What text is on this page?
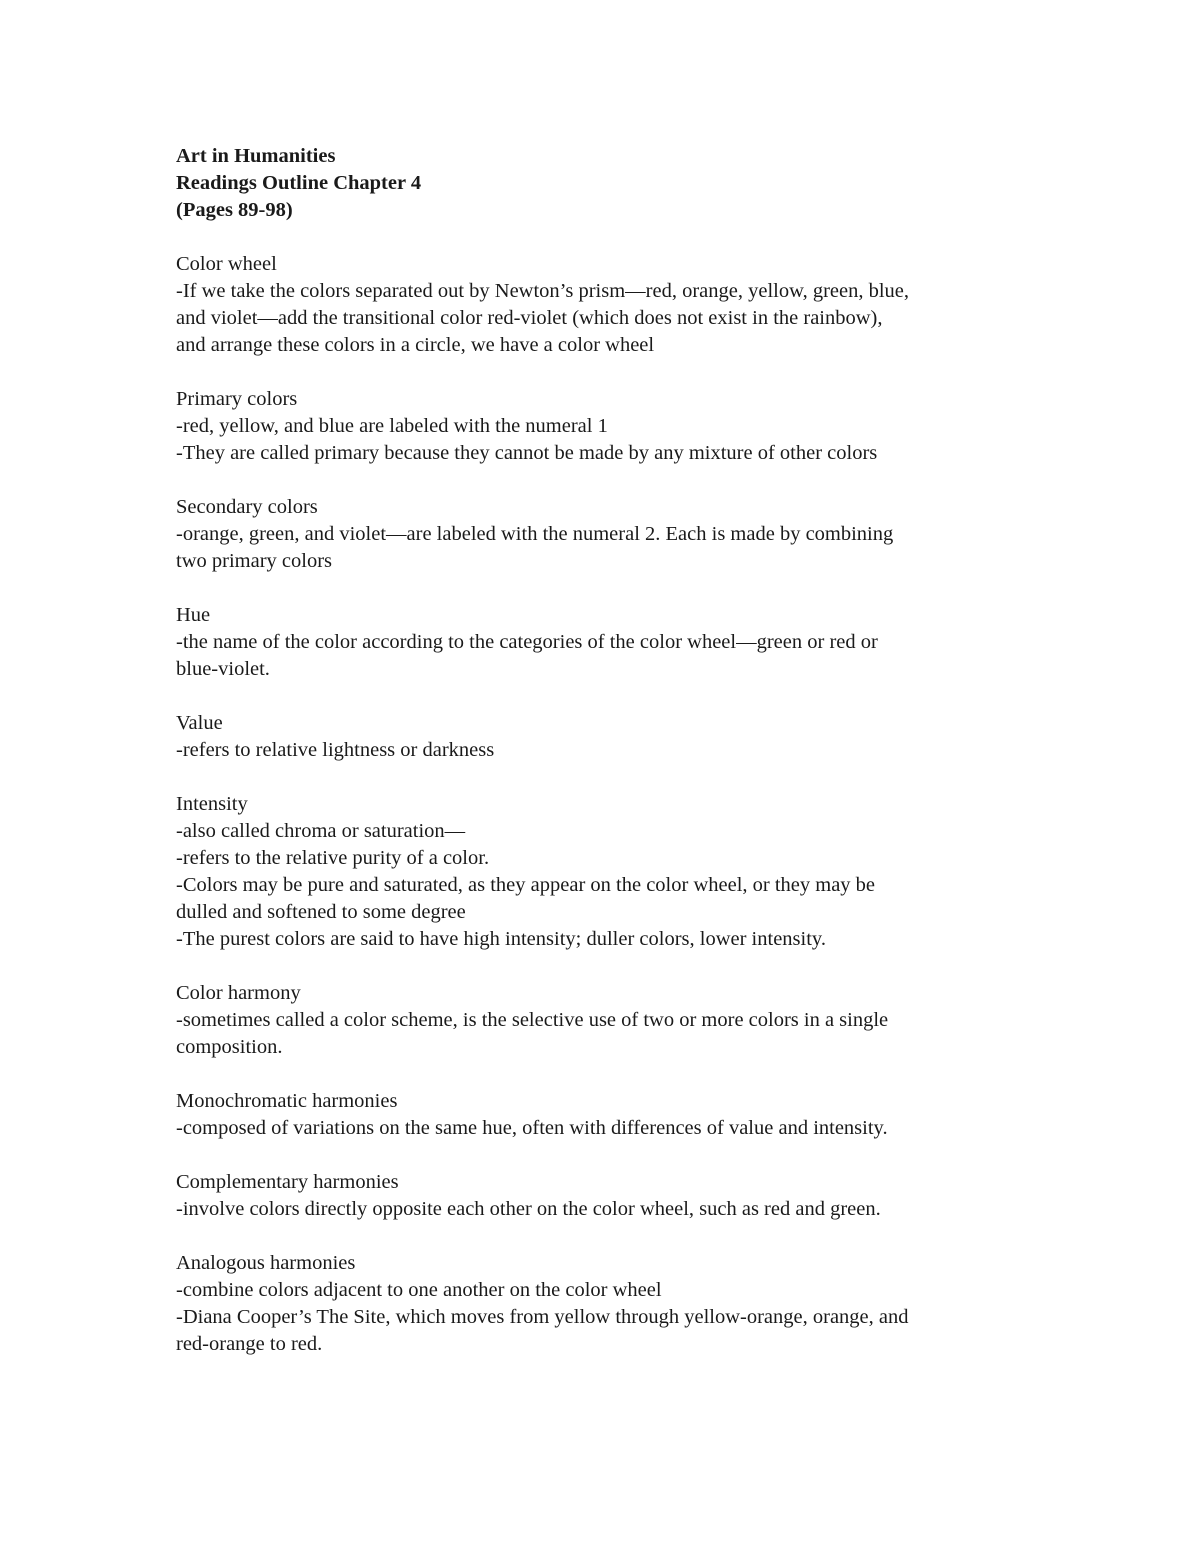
Art in Humanities
Readings Outline Chapter 4
(Pages 89-98)
Color wheel
-If we take the colors separated out by Newton’s prism—red, orange, yellow, green, blue,
and violet—add the transitional color red-violet (which does not exist in the rainbow),
and arrange these colors in a circle, we have a color wheel
Primary colors
-red, yellow, and blue are labeled with the numeral 1
-They are called primary because they cannot be made by any mixture of other colors
Secondary colors
-orange, green, and violet—are labeled with the numeral 2. Each is made by combining
two primary colors
Hue
-the name of the color according to the categories of the color wheel—green or red or
blue-violet.
Value
-refers to relative lightness or darkness
Intensity
-also called chroma or saturation—
-refers to the relative purity of a color.
-Colors may be pure and saturated, as they appear on the color wheel, or they may be
dulled and softened to some degree
-The purest colors are said to have high intensity; duller colors, lower intensity.
Color harmony
-sometimes called a color scheme, is the selective use of two or more colors in a single
composition.
Monochromatic harmonies
-composed of variations on the same hue, often with differences of value and intensity.
Complementary harmonies
-involve colors directly opposite each other on the color wheel, such as red and green.
Analogous harmonies
-combine colors adjacent to one another on the color wheel
-Diana Cooper’s The Site, which moves from yellow through yellow-orange, orange, and
red-orange to red.
